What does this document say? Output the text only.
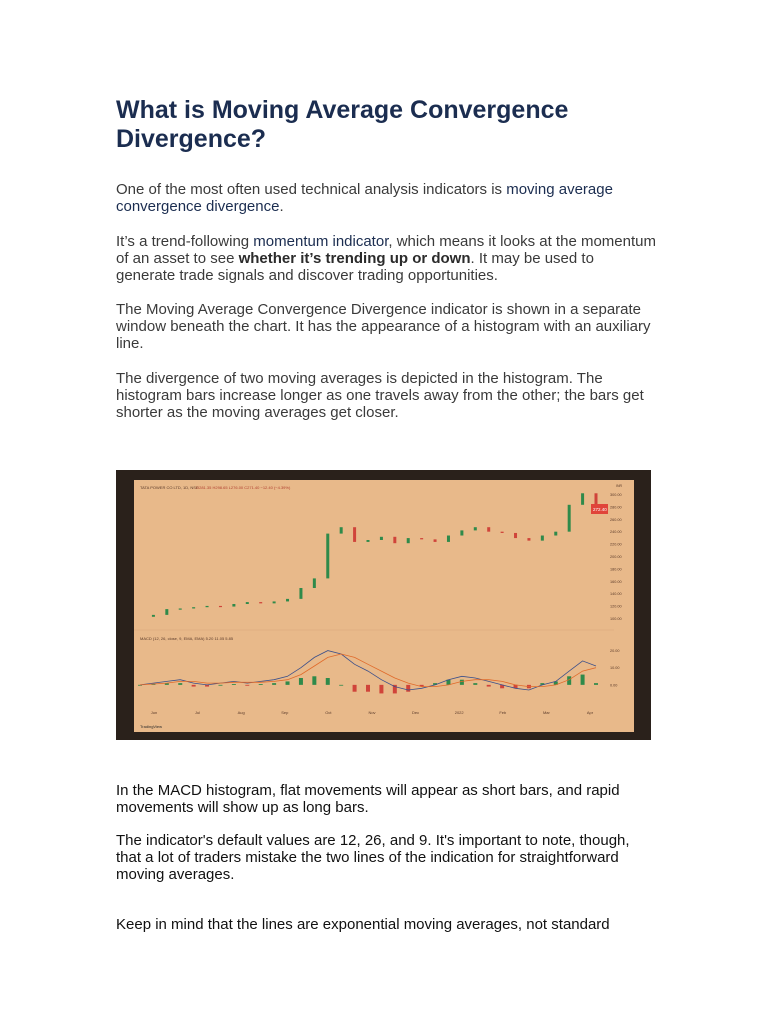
What is Moving Average Convergence Divergence?

One of the most often used technical analysis indicators is moving average convergence divergence.

It’s a trend-following momentum indicator, which means it looks at the momentum of an asset to see whether it’s trending up or down. It may be used to generate trade signals and discover trading opportunities.

The Moving Average Convergence Divergence indicator is shown in a separate window beneath the chart. It has the appearance of a histogram with an auxiliary line.

The divergence of two moving averages is depicted in the histogram. The histogram bars increase longer as one travels away from the other; the bars get shorter as the moving averages get closer.

In the MACD histogram, flat movements will appear as short bars, and rapid movements will show up as long bars.

The indicator's default values are 12, 26, and 9. It's important to note, though, that a lot of traders mistake the two lines of the indication for straightforward moving averages.

Keep in mind that the lines are exponential moving averages, not standard

TATA POWER CO LTD, 1D, NSE
O281.35 H298.65 L276.00 C271.40 −12.40 (−4.39%)	INR
300.00
280.00
260.00
240.00
220.00
200.00
180.00
160.00
140.00
120.00
100.00
272.40
MACD (12, 26, close, 9, EMA, EMA) 5.20 11.05 5.85
20.00
10.00
0.00
Jun	Jul	Aug	Sep	Oct	Nov	Dec	2022	Feb	Mar	Apr
TradingView
